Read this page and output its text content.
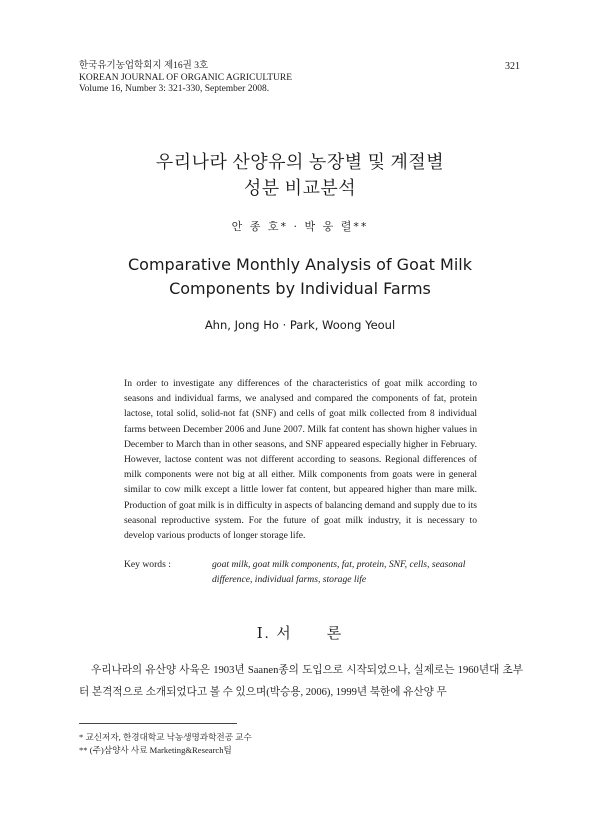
한국유기농업학회지 제16권 3호
KOREAN JOURNAL OF ORGANIC AGRICULTURE
Volume 16, Number 3: 321-330, September 2008.
321
우리나라 산양유의 농장별 및 계절별
성분 비교분석
안 종 호* · 박 웅 렬**
Comparative Monthly Analysis of Goat Milk
Components by Individual Farms
Ahn, Jong Ho · Park, Woong Yeoul
In order to investigate any differences of the characteristics of goat milk according to seasons and individual farms, we analysed and compared the components of fat, protein lactose, total solid, solid-not fat (SNF) and cells of goat milk collected from 8 individual farms between December 2006 and June 2007. Milk fat content has shown higher values in December to March than in other seasons, and SNF appeared especially higher in February. However, lactose content was not different according to seasons. Regional differences of milk components were not big at all either. Milk components from goats were in general similar to cow milk except a little lower fat content, but appeared higher than mare milk. Production of goat milk is in difficulty in aspects of balancing demand and supply due to its seasonal reproductive system. For the future of goat milk industry, it is necessary to develop various products of longer storage life.
Key words :	goat milk, goat milk components, fat, protein, SNF, cells, seasonal difference, individual farms, storage life
Ⅰ. 서　　론
우리나라의 유산양 사육은 1903년 Saanen종의 도입으로 시작되었으나, 실제로는 1960년대 초부터 본격적으로 소개되었다고 볼 수 있으며(박승용, 2006), 1999년 북한에 유산양 무
* 교신저자, 한경대학교 낙농생명과학전공 교수
** (주)삼양사 사료 Marketing&Research팀
